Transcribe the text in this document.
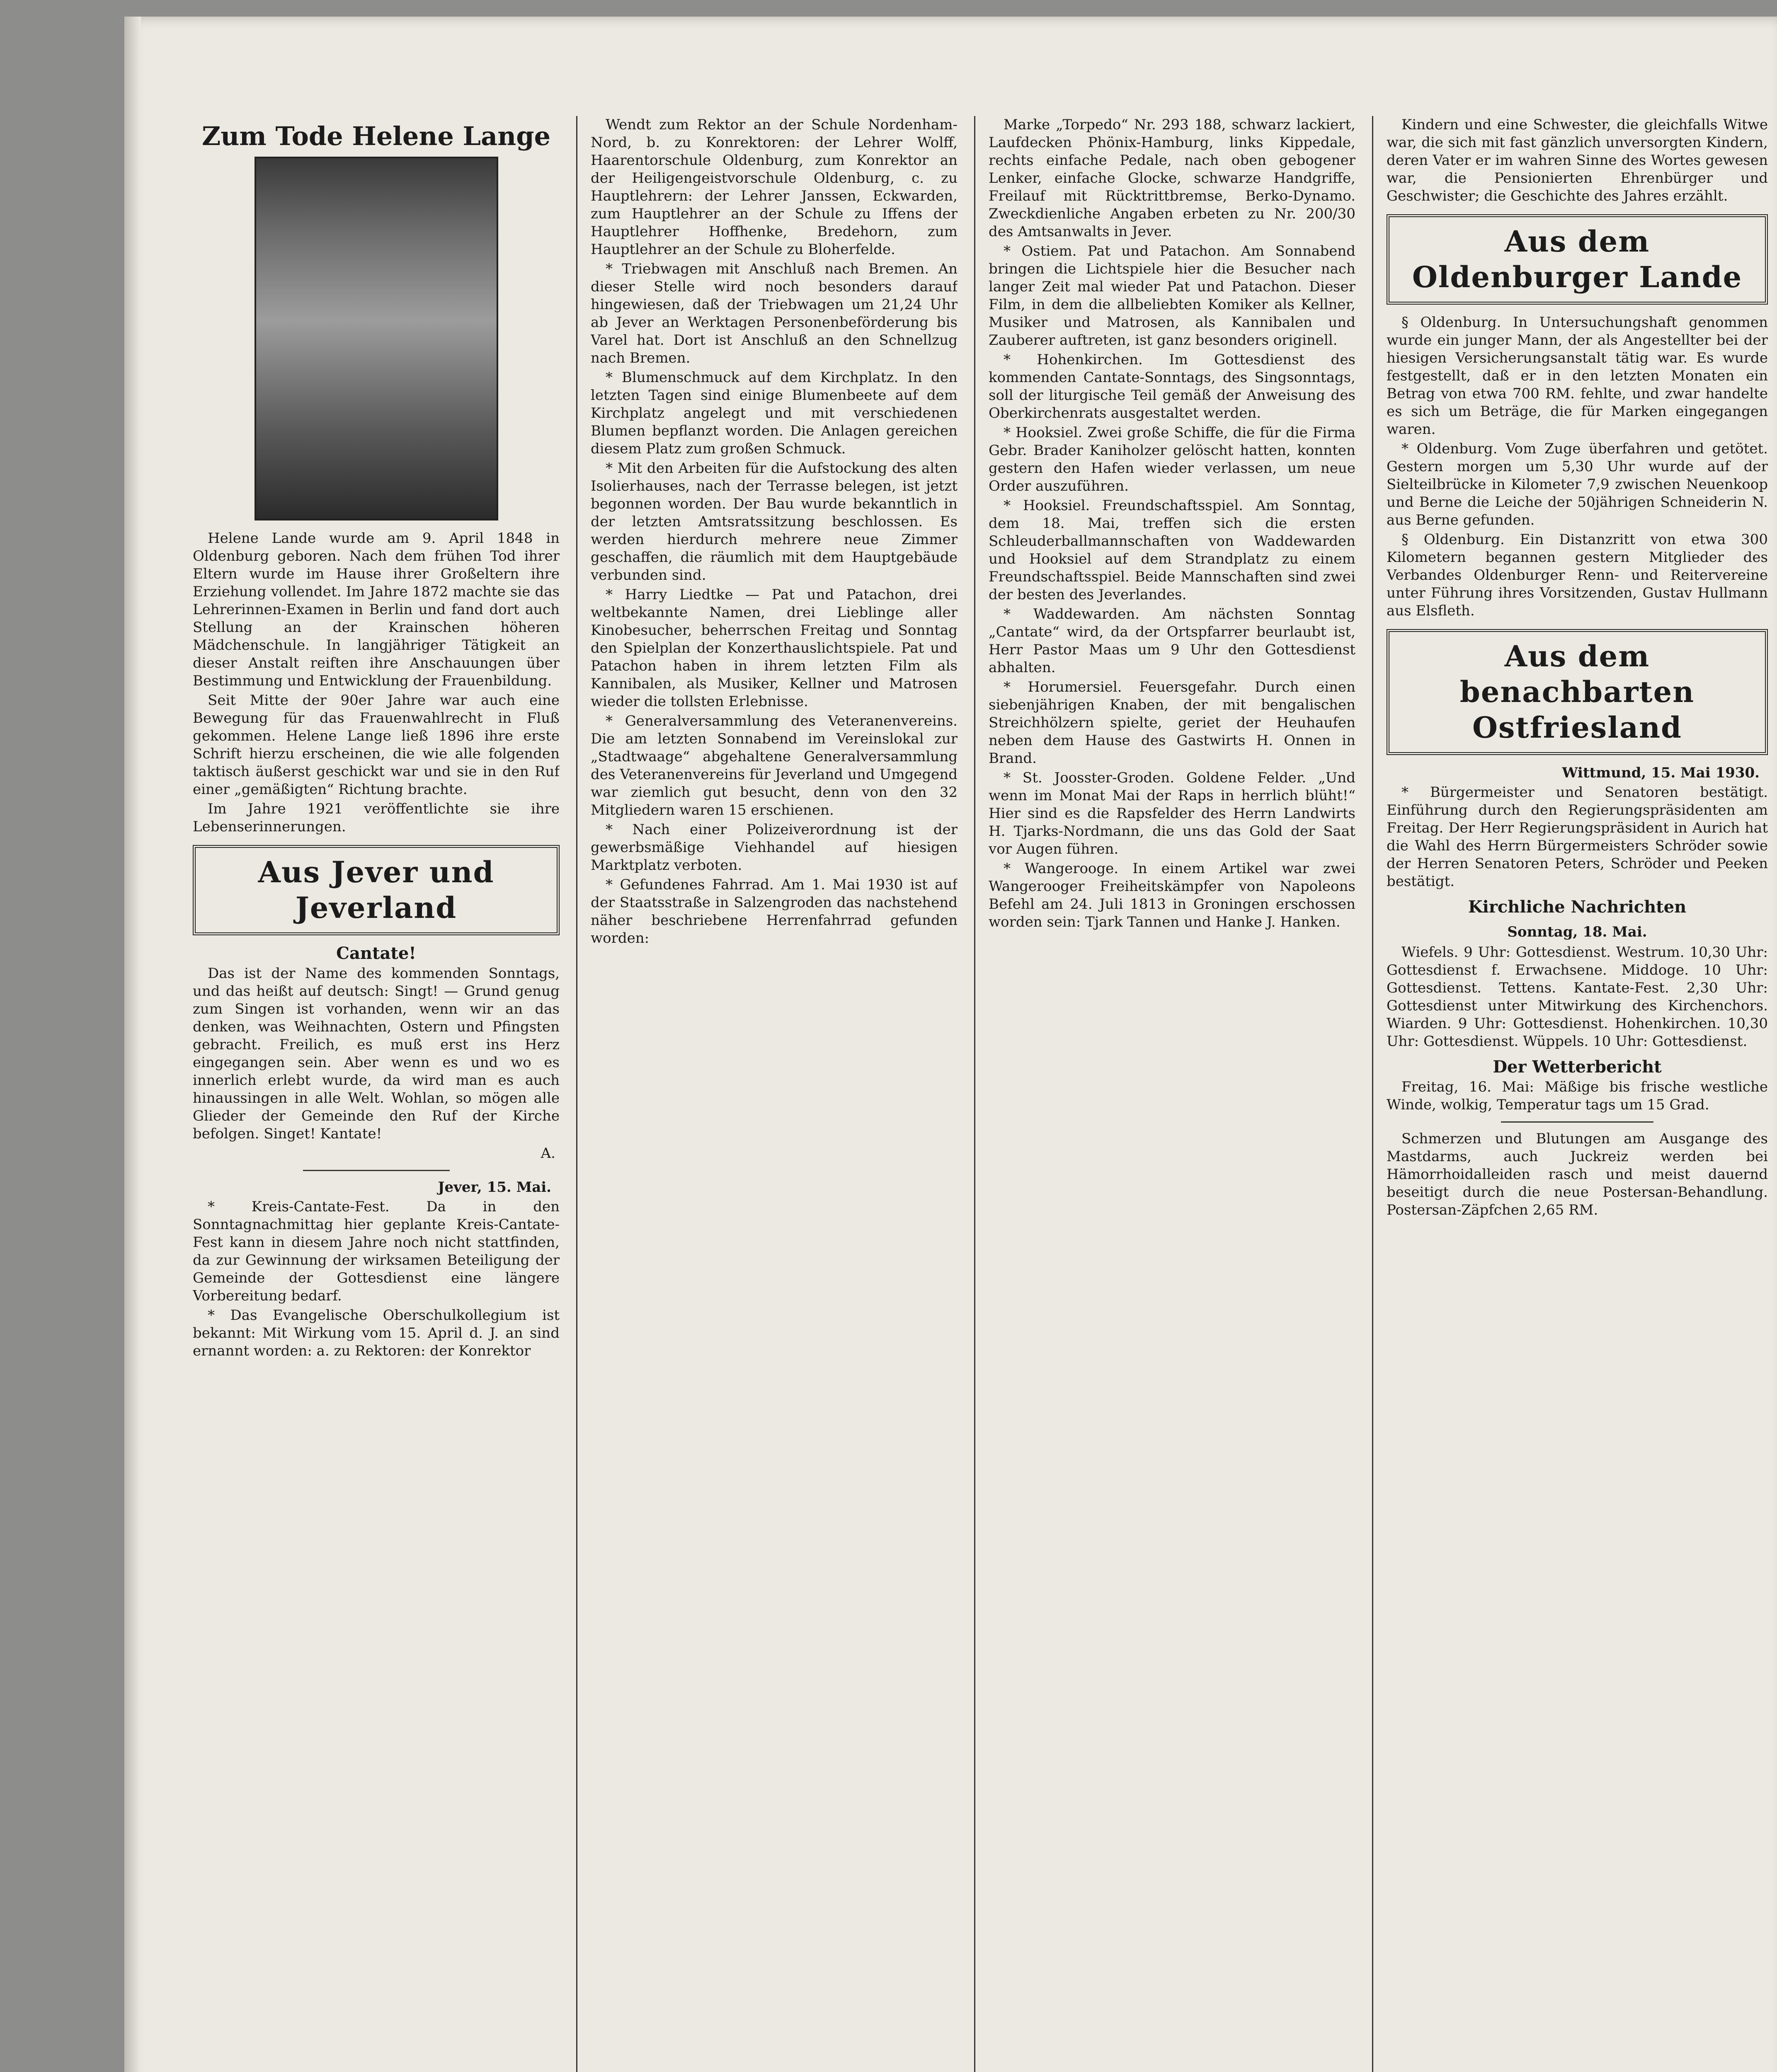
Zum Tode Helene Lange

Helene Lande wurde am 9. April 1848 in Oldenburg geboren. Nach dem frühen Tod ihrer Eltern wurde im Hause ihrer Großeltern ihre Erziehung vollendet. Im Jahre 1872 machte sie das Lehrerinnen-Examen in Berlin und fand dort auch Stellung an der Krainschen höheren Mädchenschule. In langjähriger Tätigkeit an dieser Anstalt reiften ihre Anschauungen über Bestimmung und Entwicklung der Frauenbildung.

Seit Mitte der 90er Jahre war auch eine Bewegung für das Frauenwahlrecht in Fluß gekommen. Helene Lange ließ 1896 ihre erste Schrift hierzu erscheinen, die wie alle folgenden taktisch äußerst geschickt war und sie in den Ruf einer „gemäßigten“ Richtung brachte.

Im Jahre 1921 veröffentlichte sie ihre Lebenserinnerungen.

Aus Jever und Jeverland
Cantate!

Das ist der Name des kommenden Sonntags, und das heißt auf deutsch: Singt! — Grund genug zum Singen ist vorhanden, wenn wir an das denken, was Weihnachten, Ostern und Pfingsten gebracht. Freilich, es muß erst ins Herz eingegangen sein. Aber wenn es und wo es innerlich erlebt wurde, da wird man es auch hinaussingen in alle Welt. Wohlan, so mögen alle Glieder der Gemeinde den Ruf der Kirche befolgen. Singet! Kantate!

A.
Jever, 15. Mai.

* Kreis-Cantate-Fest. Da in den Sonntagnachmittag hier geplante Kreis-Cantate-Fest kann in diesem Jahre noch nicht stattfinden, da zur Gewinnung der wirksamen Beteiligung der Gemeinde der Gottesdienst eine längere Vorbereitung bedarf.

* Das Evangelische Oberschulkollegium ist bekannt: Mit Wirkung vom 15. April d. J. an sind ernannt worden: a. zu Rektoren: der Konrektor

Wendt zum Rektor an der Schule Nordenham-Nord, b. zu Konrektoren: der Lehrer Wolff, Haarentorschule Oldenburg, zum Konrektor an der Heiligengeistvorschule Oldenburg, c. zu Hauptlehrern: der Lehrer Janssen, Eckwarden, zum Hauptlehrer an der Schule zu Iffens der Hauptlehrer Hoffhenke, Bredehorn, zum Hauptlehrer an der Schule zu Bloherfelde.

* Triebwagen mit Anschluß nach Bremen. An dieser Stelle wird noch besonders darauf hingewiesen, daß der Triebwagen um 21,24 Uhr ab Jever an Werktagen Personenbeförderung bis Varel hat. Dort ist Anschluß an den Schnellzug nach Bremen.

* Blumenschmuck auf dem Kirchplatz. In den letzten Tagen sind einige Blumenbeete auf dem Kirchplatz angelegt und mit verschiedenen Blumen bepflanzt worden. Die Anlagen gereichen diesem Platz zum großen Schmuck.

* Mit den Arbeiten für die Aufstockung des alten Isolierhauses, nach der Terrasse belegen, ist jetzt begonnen worden. Der Bau wurde bekanntlich in der letzten Amtsratssitzung beschlossen. Es werden hierdurch mehrere neue Zimmer geschaffen, die räumlich mit dem Hauptgebäude verbunden sind.

* Harry Liedtke — Pat und Patachon, drei weltbekannte Namen, drei Lieblinge aller Kinobesucher, beherrschen Freitag und Sonntag den Spielplan der Konzerthauslichtspiele. Pat und Patachon haben in ihrem letzten Film als Kannibalen, als Musiker, Kellner und Matrosen wieder die tollsten Erlebnisse.

* Generalversammlung des Veteranenvereins. Die am letzten Sonnabend im Vereinslokal zur „Stadtwaage“ abgehaltene Generalversammlung des Veteranenvereins für Jeverland und Umgegend war ziemlich gut besucht, denn von den 32 Mitgliedern waren 15 erschienen.

* Nach einer Polizeiverordnung ist der gewerbsmäßige Viehhandel auf hiesigen Marktplatz verboten.

* Gefundenes Fahrrad. Am 1. Mai 1930 ist auf der Staatsstraße in Salzengroden das nachstehend näher beschriebene Herrenfahrrad gefunden worden:

Marke „Torpedo“ Nr. 293 188, schwarz lackiert, Laufdecken Phönix-Hamburg, links Kippedale, rechts einfache Pedale, nach oben gebogener Lenker, einfache Glocke, schwarze Handgriffe, Freilauf mit Rücktrittbremse, Berko-Dynamo. Zweckdienliche Angaben erbeten zu Nr. 200/30 des Amtsanwalts in Jever.

* Ostiem. Pat und Patachon. Am Sonnabend bringen die Lichtspiele hier die Besucher nach langer Zeit mal wieder Pat und Patachon. Dieser Film, in dem die allbeliebten Komiker als Kellner, Musiker und Matrosen, als Kannibalen und Zauberer auftreten, ist ganz besonders originell.

* Hohenkirchen. Im Gottesdienst des kommenden Cantate-Sonntags, des Singsonntags, soll der liturgische Teil gemäß der Anweisung des Oberkirchenrats ausgestaltet werden.

* Hooksiel. Zwei große Schiffe, die für die Firma Gebr. Brader Kaniholzer gelöscht hatten, konnten gestern den Hafen wieder verlassen, um neue Order auszuführen.

* Hooksiel. Freundschaftsspiel. Am Sonntag, dem 18. Mai, treffen sich die ersten Schleuderballmannschaften von Waddewarden und Hooksiel auf dem Strandplatz zu einem Freundschaftsspiel. Beide Mannschaften sind zwei der besten des Jeverlandes.

* Waddewarden. Am nächsten Sonntag „Cantate“ wird, da der Ortspfarrer beurlaubt ist, Herr Pastor Maas um 9 Uhr den Gottesdienst abhalten.

* Horumersiel. Feuersgefahr. Durch einen siebenjährigen Knaben, der mit bengalischen Streichhölzern spielte, geriet der Heuhaufen neben dem Hause des Gastwirts H. Onnen in Brand.

* St. Joosster-Groden. Goldene Felder. „Und wenn im Monat Mai der Raps in herrlich blüht!“ Hier sind es die Rapsfelder des Herrn Landwirts H. Tjarks-Nordmann, die uns das Gold der Saat vor Augen führen.

* Wangerooge. In einem Artikel war zwei Wangerooger Freiheitskämpfer von Napoleons Befehl am 24. Juli 1813 in Groningen erschossen worden sein: Tjark Tannen und Hanke J. Hanken.

Kindern und eine Schwester, die gleichfalls Witwe war, die sich mit fast gänzlich unversorgten Kindern, deren Vater er im wahren Sinne des Wortes gewesen war, die Pensionierten Ehrenbürger und Geschwister; die Geschichte des Jahres erzählt.

Aus dem Oldenburger Lande

§ Oldenburg. In Untersuchungshaft genommen wurde ein junger Mann, der als Angestellter bei der hiesigen Versicherungsanstalt tätig war. Es wurde festgestellt, daß er in den letzten Monaten ein Betrag von etwa 700 RM. fehlte, und zwar handelte es sich um Beträge, die für Marken eingegangen waren.

* Oldenburg. Vom Zuge überfahren und getötet. Gestern morgen um 5,30 Uhr wurde auf der Sielteilbrücke in Kilometer 7,9 zwischen Neuenkoop und Berne die Leiche der 50jährigen Schneiderin N. aus Berne gefunden.

§ Oldenburg. Ein Distanzritt von etwa 300 Kilometern begannen gestern Mitglieder des Verbandes Oldenburger Renn- und Reitervereine unter Führung ihres Vorsitzenden, Gustav Hullmann aus Elsfleth.

Aus dem benachbarten Ostfriesland
Wittmund, 15. Mai 1930.

* Bürgermeister und Senatoren bestätigt. Einführung durch den Regierungspräsidenten am Freitag. Der Herr Regierungspräsident in Aurich hat die Wahl des Herrn Bürgermeisters Schröder sowie der Herren Senatoren Peters, Schröder und Peeken bestätigt.

Kirchliche Nachrichten
Sonntag, 18. Mai.

Wiefels. 9 Uhr: Gottesdienst. Westrum. 10,30 Uhr: Gottesdienst f. Erwachsene. Middoge. 10 Uhr: Gottesdienst. Tettens. Kantate-Fest. 2,30 Uhr: Gottesdienst unter Mitwirkung des Kirchenchors. Wiarden. 9 Uhr: Gottesdienst. Hohenkirchen. 10,30 Uhr: Gottesdienst. Wüppels. 10 Uhr: Gottesdienst.

Der Wetterbericht

Freitag, 16. Mai: Mäßige bis frische westliche Winde, wolkig, Temperatur tags um 15 Grad.

Schmerzen und Blutungen am Ausgange des Mastdarms, auch Juckreiz werden bei Hämorrhoidalleiden rasch und meist dauernd beseitigt durch die neue Postersan-Behandlung. Postersan-Zäpfchen 2,65 RM.
